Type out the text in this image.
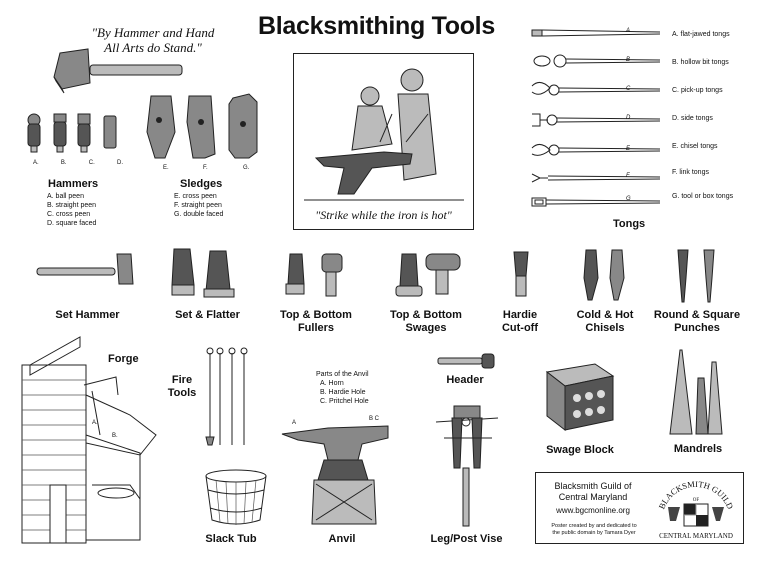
"By Hammer and Hand
All Arts do Stand."
Blacksmithing Tools
A.	B.	C.	D.
Hammers
A. ball peen
B. straight peen
C. cross peen
D. square faced
E.	F.	G.
Sledges
E. cross peen
F. straight peen
G. double faced	"Strike while the iron is hot"
A
B
C
D
E
F
G
A. flat-jawed tongs
B. hollow bit tongs
C. pick-up tongs
D. side tongs
E. chisel tongs
F. link tongs
G. tool or box tongs
Tongs
Set Hammer	Set & Flatter	Top & Bottom
Fullers
Top & Bottom
Swages
Hardie
Cut-off
Cold & Hot
Chisels
Round & Square
Punches
Forge
A.
B.
Fire
Tools
Slack Tub
Parts of the Anvil
A. Horn
B. Hardie Hole
C. Pritchel Hole
A
B C
Anvil
Header
Leg/Post Vise
Swage Block	Mandrels
Blacksmith Guild of
Central Maryland
www.bgcmonline.org
Poster created by and dedicated to
the public domain by Tamara Dyer
BLACKSMITH GUILD
OF
CENTRAL MARYLAND
